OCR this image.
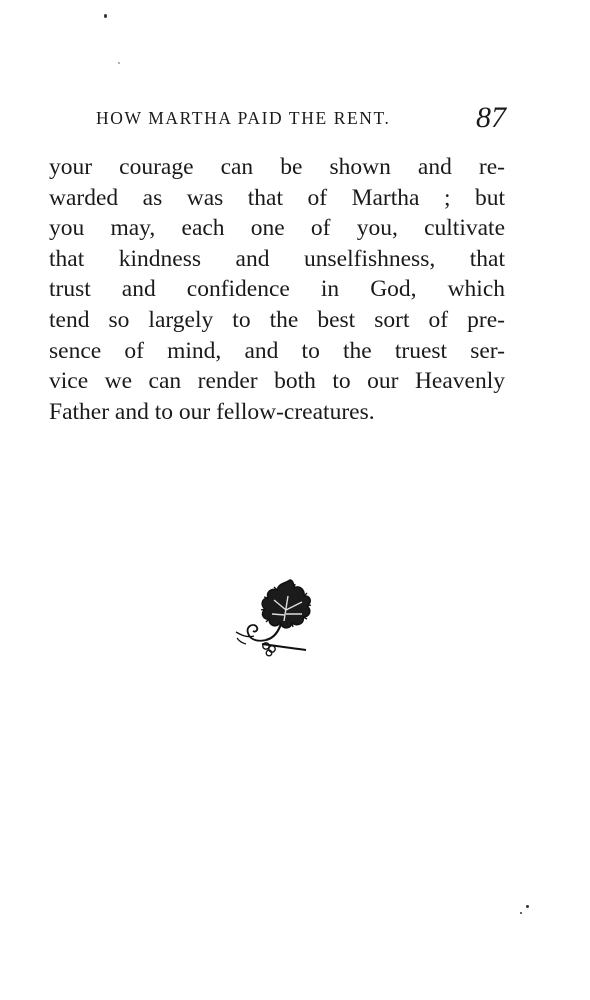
HOW MARTHA PAID THE RENT.	87
your courage can be shown and re-
warded as was that of Martha ; but
you may, each one of you, cultivate
that kindness and unselfishness, that
trust and confidence in God, which
tend so largely to the best sort of pre-
sence of mind, and to the truest ser-
vice we can render both to our Heavenly
Father and to our fellow-creatures.
